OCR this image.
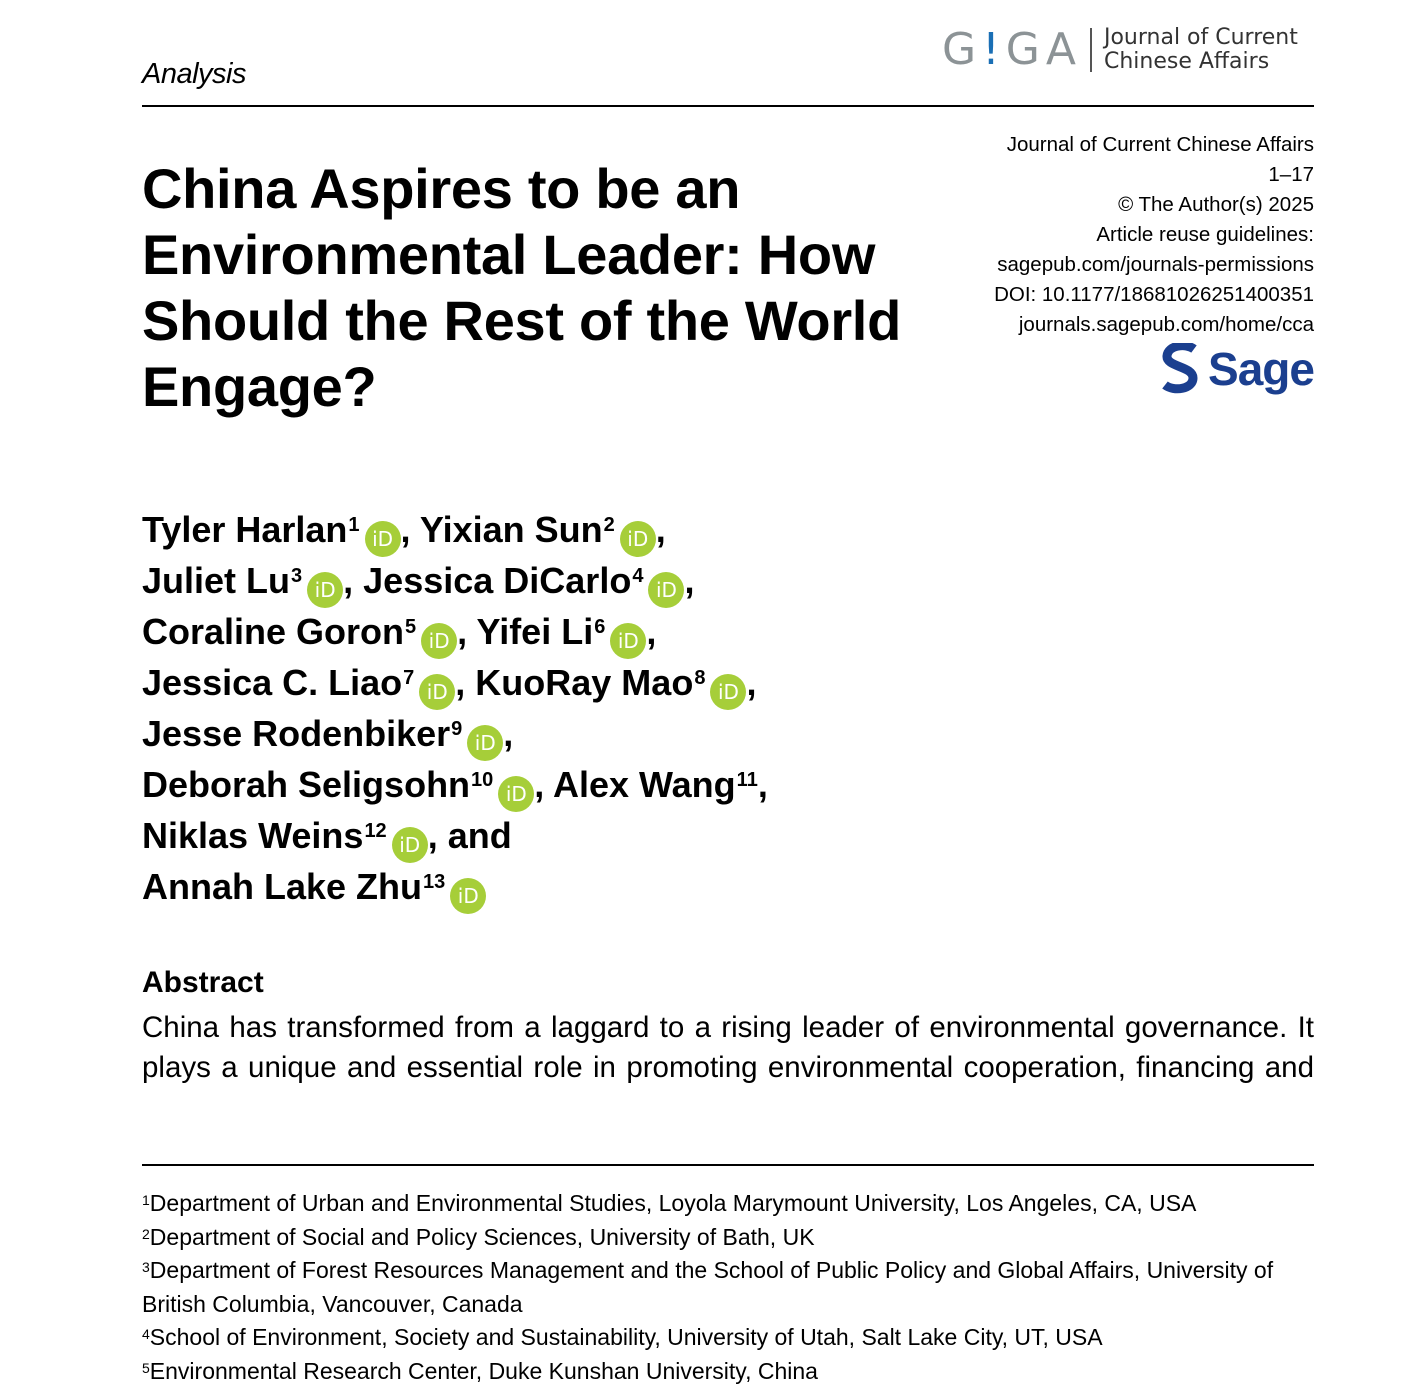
Analysis	G!GA Journal of Current
Chinese Affairs
China Aspires to be an Environmental Leader: How Should the Rest of the World Engage?
Journal of Current Chinese Affairs
1–17
© The Author(s) 2025
Article reuse guidelines:
sagepub.com/journals-permissions
DOI: 10.1177/18681026251400351
journals.sagepub.com/home/cca
Sage
Tyler Harlan$^1$iD , Yixian Sun$^2$iD ,
Juliet Lu$^3$iD , Jessica DiCarlo$^4$iD ,
Coraline Goron$^5$iD , Yifei Li$^6$iD ,
Jessica C. Liao$^7$iD , KuoRay Mao$^8$iD ,
Jesse Rodenbiker$^9$iD ,
Deborah Seligsohn$^{10}$iD , Alex Wang$^{11}$,
Niklas Weins$^{12}$iD , and
Annah Lake Zhu$^{13}$iD
Abstract
China has transformed from a laggard to a rising leader of environmental governance. It
plays a unique and essential role in promoting environmental cooperation, financing and
$^1$Department of Urban and Environmental Studies, Loyola Marymount University, Los Angeles, CA, USA
$^2$Department of Social and Policy Sciences, University of Bath, UK
$^3$Department of Forest Resources Management and the School of Public Policy and Global Affairs, University of British Columbia, Vancouver, Canada
$^4$School of Environment, Society and Sustainability, University of Utah, Salt Lake City, UT, USA
$^5$Environmental Research Center, Duke Kunshan University, China
